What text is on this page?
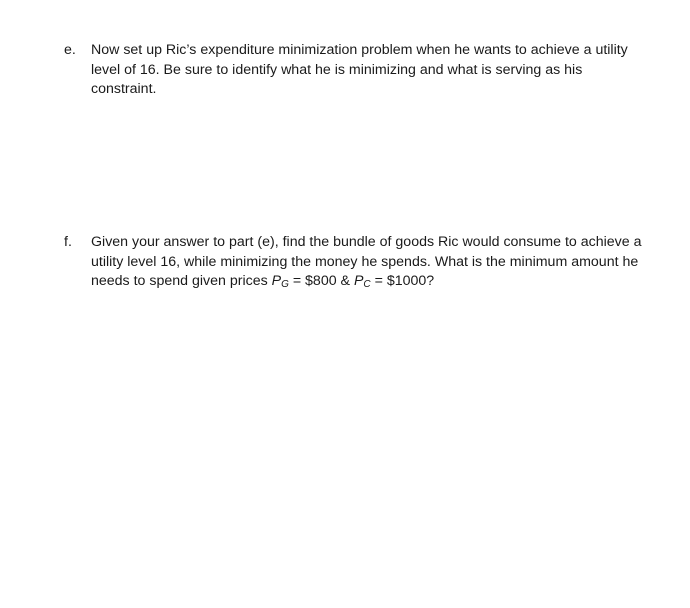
e. Now set up Ric’s expenditure minimization problem when he wants to achieve a utility
level of 16. Be sure to identify what he is minimizing and what is serving as his
constraint.
f. Given your answer to part (e), find the bundle of goods Ric would consume to achieve a
utility level 16, while minimizing the money he spends. What is the minimum amount he
needs to spend given prices $P_G$ = $800 & $P_C$ = $1000?
